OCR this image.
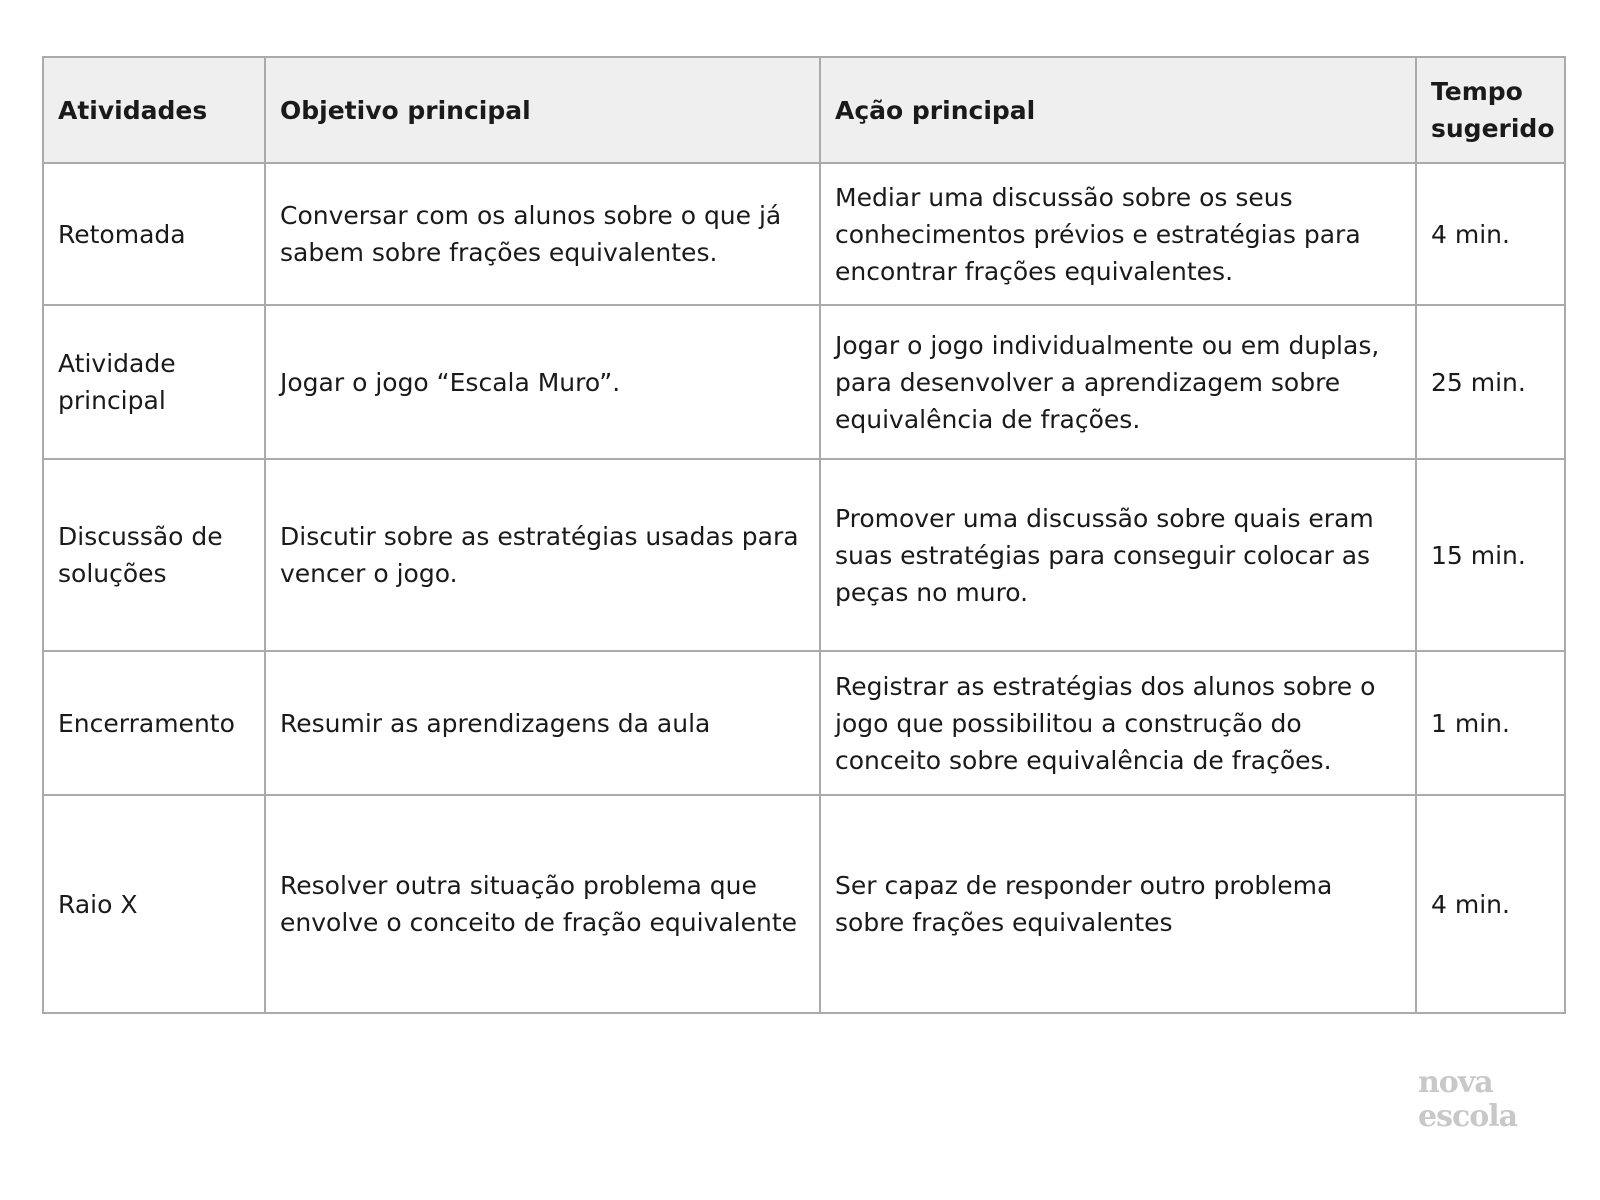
Atividades	Objetivo principal	Ação principal	Tempo sugerido
Retomada	Conversar com os alunos sobre o que já sabem sobre frações equivalentes.	Mediar uma discussão sobre os seus conhecimentos prévios e estratégias para encontrar frações equivalentes.	4 min.
Atividade principal	Jogar o jogo “Escala Muro”.	Jogar o jogo individualmente ou em duplas, para desenvolver a aprendizagem sobre equivalência de frações.	25 min.
Discussão de soluções	Discutir sobre as estratégias usadas para vencer o jogo.	Promover uma discussão sobre quais eram suas estratégias para conseguir colocar as peças no muro.	15 min.
Encerramento	Resumir as aprendizagens da aula	Registrar as estratégias dos alunos sobre o jogo que possibilitou a construção do conceito sobre equivalência de frações.	1 min.
Raio X	Resolver outra situação problema que envolve o conceito de fração equivalente	Ser capaz de responder outro problema sobre frações equivalentes	4 min.
nova
escola
